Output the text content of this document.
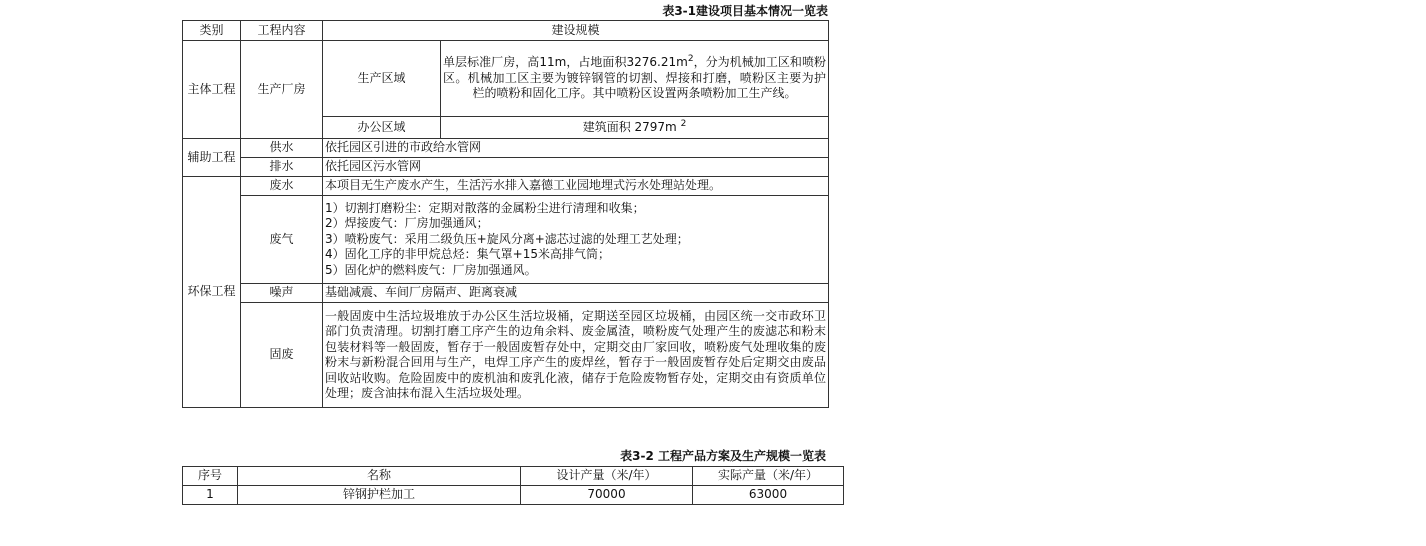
表3-1建设项目基本情况一览表
类别	工程内容	建设规模	
主体工程	生产厂房	生产区域	单层标准厂房，高11m，占地面积$3276.21m^2$，分为机械加工区和喷粉区。机械加工区主要为镀锌钢管的切割、焊接和打磨，喷粉区主要为护栏的喷粉和固化工序。其中喷粉区设置两条喷粉加工生产线。
		办公区域	建筑面积 2797m $^2$
辅助工程	供水	依托园区引进的市政给水管网	
	排水	依托园区污水管网	
环保工程	废水	本项目无生产废水产生，生活污水排入嘉德工业园地埋式污水处理站处理。	
	废气	1）切割打磨粉尘：定期对散落的金属粉尘进行清理和收集；
2）焊接废气：厂房加强通风；
3）喷粉废气：采用二级负压+旋风分离+滤芯过滤的处理工艺处理；
4）固化工序的非甲烷总烃：集气罩+15米高排气筒；
5）固化炉的燃料废气：厂房加强通风。	

	噪声	基础减震、车间厂房隔声、距离衰减	
	固废	一般固废中生活垃圾堆放于办公区生活垃圾桶，定期送至园区垃圾桶，由园区统一交市政环卫部门负责清理。切割打磨工序产生的边角余料、废金属渣，喷粉废气处理产生的废滤芯和粉末包装材料等一般固废，暂存于一般固废暂存处中，定期交由厂家回收，喷粉废气处理收集的废粉末与新粉混合回用与生产，电焊工序产生的废焊丝，暂存于一般固废暂存处后定期交由废品回收站收购。危险固废中的废机油和废乳化液，储存于危险废物暂存处，定期交由有资质单位处理；废含油抹布混入生活垃圾处理。	
表3-2 工程产品方案及生产规模一览表
序号	名称	设计产量（米/年）	实际产量（米/年）
1	锌钢护栏加工	70000	63000
